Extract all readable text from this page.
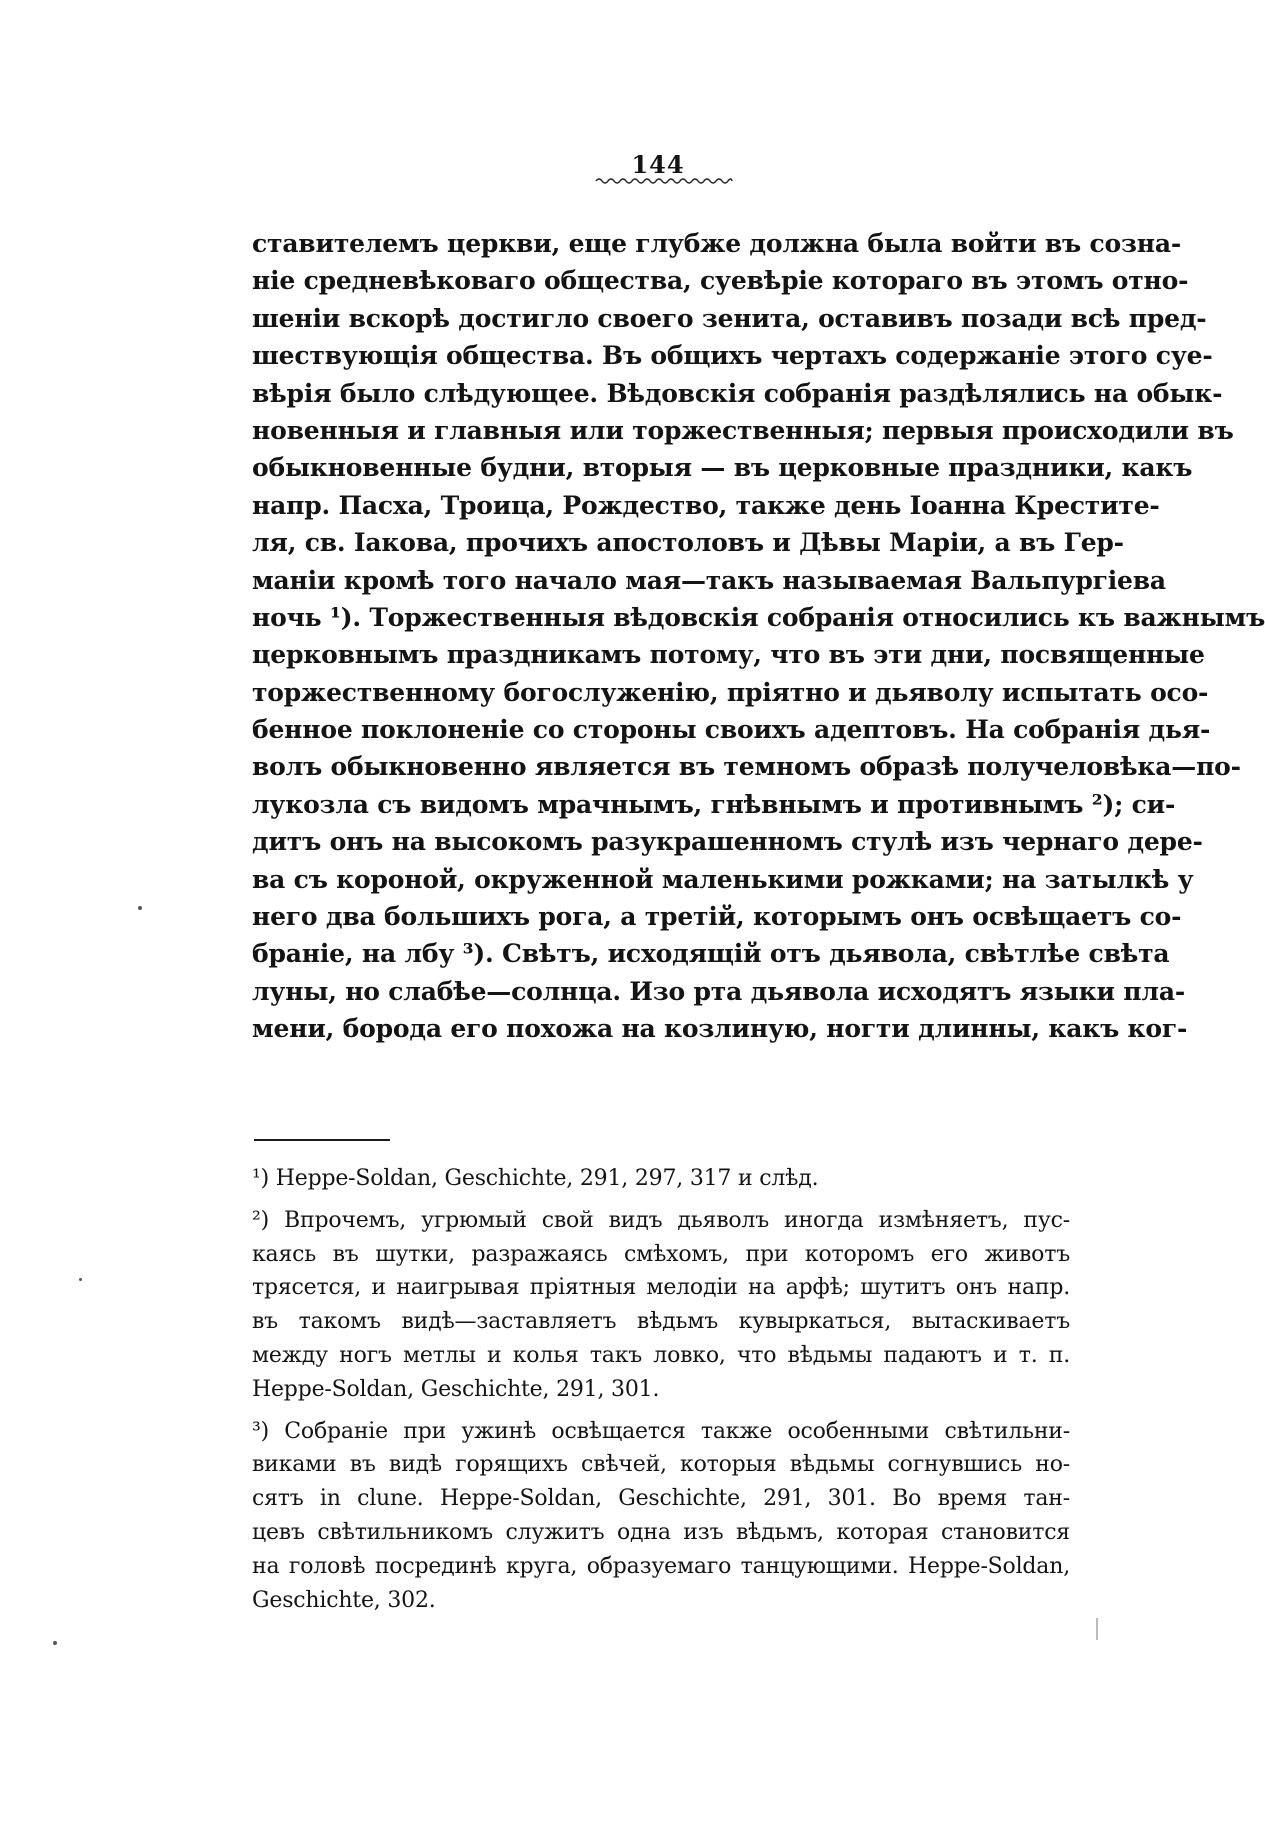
144
ставителемъ церкви, еще глубже должна была войти въ созна-
ніе средневѣковаго общества, суевѣріе котораго въ этомъ отно-
шеніи вскорѣ достигло своего зенита, оставивъ позади всѣ пред-
шествующія общества. Въ общихъ чертахъ содержаніе этого суе-
вѣрія было слѣдующее. Вѣдовскія собранія раздѣлялись на обык-
новенныя и главныя или торжественныя; первыя происходили въ
обыкновенные будни, вторыя — въ церковные праздники, какъ
напр. Пасха, Троица, Рождество, также день Іоанна Крестите-
ля, св. Іакова, прочихъ апостоловъ и Дѣвы Маріи, а въ Гер-
маніи кромѣ того начало мая—такъ называемая Вальпургіева
ночь ¹). Торжественныя вѣдовскія собранія относились къ важнымъ
церковнымъ праздникамъ потому, что въ эти дни, посвященные
торжественному богослуженію, пріятно и дьяволу испытать осо-
бенное поклоненіе со стороны своихъ адептовъ. На собранія дья-
волъ обыкновенно является въ темномъ образѣ получеловѣка—по-
лукозла съ видомъ мрачнымъ, гнѣвнымъ и противнымъ ²); си-
дитъ онъ на высокомъ разукрашенномъ стулѣ изъ чернаго дере-
ва съ короной, окруженной маленькими рожками; на затылкѣ у
него два большихъ рога, а третій, которымъ онъ освѣщаетъ со-
браніе, на лбу ³). Свѣтъ, исходящій отъ дьявола, свѣтлѣе свѣта
луны, но слабѣе—солнца. Изо рта дьявола исходятъ языки пла-
мени, борода его похожа на козлиную, ногти длинны, какъ ког-
¹) Hеppe-Soldan, Geschichte, 291, 297, 317 и слѣд.
²) Впрочемъ, угрюмый свой видъ дьяволъ иногда измѣняетъ, пус-
каясь въ шутки, разражаясь смѣхомъ, при которомъ его животъ
трясется, и наигрывая пріятныя мелодіи на арфѣ; шутитъ онъ напр.
въ такомъ видѣ—заставляетъ вѣдьмъ кувыркаться, вытаскиваетъ
между ногъ метлы и колья такъ ловко, что вѣдьмы падаютъ и т. п.
Hеppe-Soldan, Geschichte, 291, 301.
³) Собраніе при ужинѣ освѣщается также особенными свѣтильни-
виками въ видѣ горящихъ свѣчей, которыя вѣдьмы согнувшись но-
сятъ in clune. Hеppe-Soldan, Geschichte, 291, 301. Во время тан-
цевъ свѣтильникомъ служитъ одна изъ вѣдьмъ, которая становится
на головѣ посрединѣ круга, образуемаго танцующими. Hеppe-Soldan,
Geschichte, 302.
